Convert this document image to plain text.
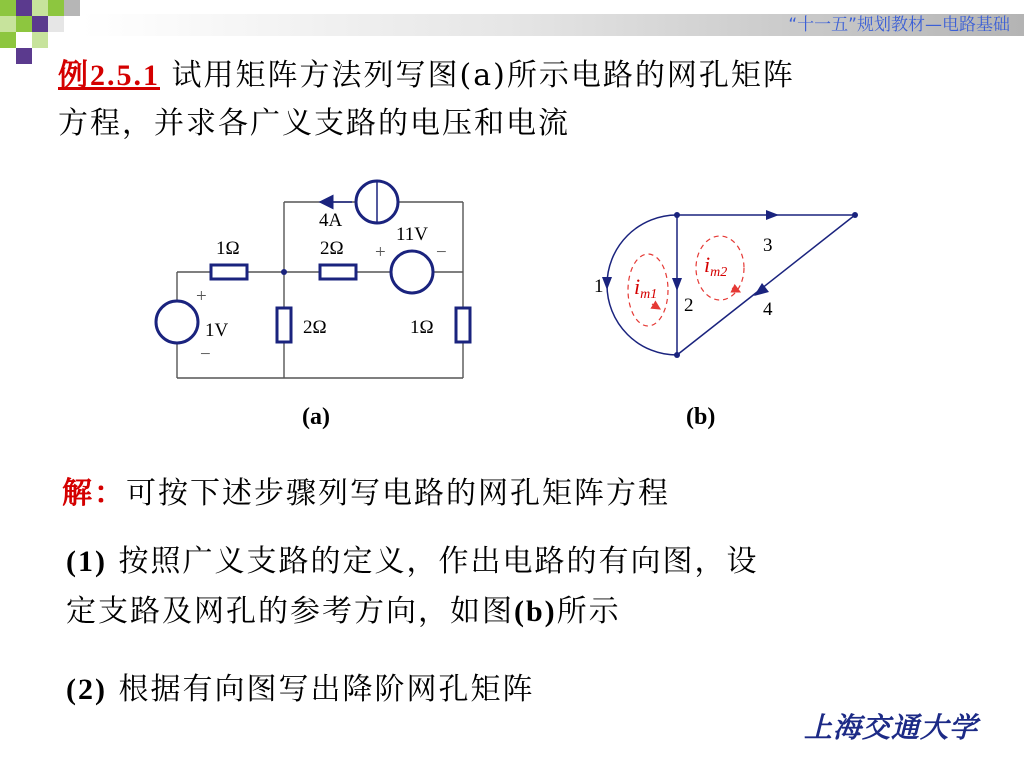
“十一五”规划教材—电路基础
例2.5.1 试用矩阵方法列写图(a)所示电路的网孔矩阵
方程，并求各广义支路的电压和电流
4A
1Ω	2Ω
11V
+	−
+
1V
−
2Ω	1Ω
(a)
1
2
3
4
im1
im2
(b)
解：可按下述步骤列写电路的网孔矩阵方程
(1) 按照广义支路的定义，作出电路的有向图，设
定支路及网孔的参考方向，如图(b)所示
(2) 根据有向图写出降阶网孔矩阵
上海交通大学
